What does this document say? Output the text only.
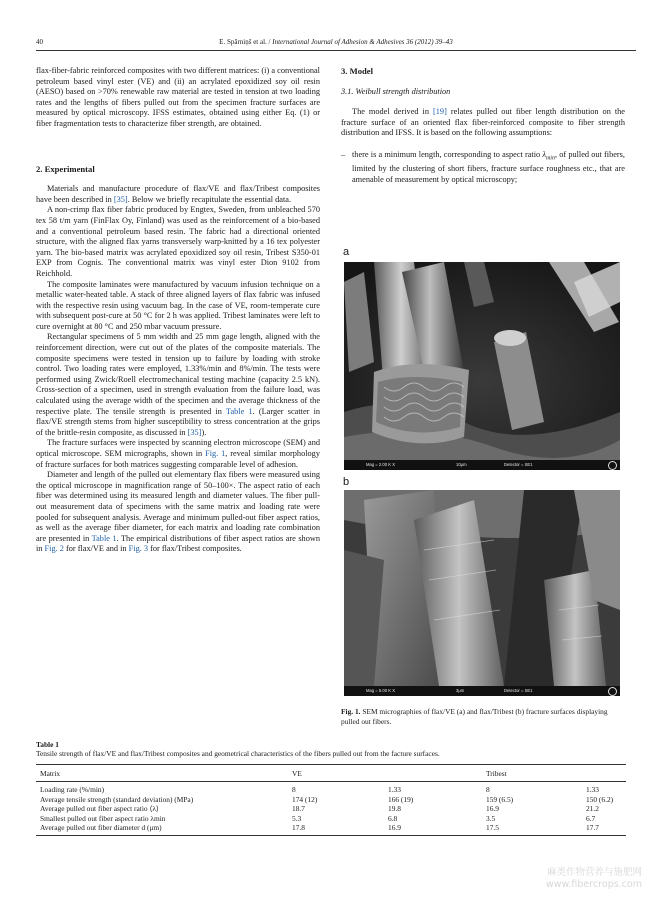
40	E. Spārniņš et al. / International Journal of Adhesion & Adhesives 36 (2012) 39–43

flax-fiber-fabric reinforced composites with two different matrices: (i) a conventional petroleum based vinyl ester (VE) and (ii) an acrylated epoxidized soy oil resin (AESO) based on >70% renewable raw material are tested in tension at two loading rates and the lengths of fibers pulled out from the specimen fracture surfaces are measured by optical microscopy. IFSS estimates, obtained using either Eq. (1) or fiber fragmentation tests to characterize fiber strength, are obtained.

2. Experimental

Materials and manufacture procedure of flax/VE and flax/Tribest composites have been described in [35]. Below we briefly recapitulate the essential data.

A non-crimp flax fiber fabric produced by Engtex, Sweden, from unbleached 570 tex 58 t/m yarn (FinFlax Oy, Finland) was used as the reinforcement of a bio-based and a conventional petroleum based resin. The fabric had a directional oriented structure, with the aligned flax yarns transversely warp-knitted by a 16 tex polyester yarn. The bio-based matrix was acrylated epoxidized soy oil resin, Tribest S350-01 EXP from Cognis. The conventional matrix was vinyl ester Dion 9102 from Reichhold.

The composite laminates were manufactured by vacuum infusion technique on a metallic water-heated table. A stack of three aligned layers of flax fabric was infused with the respective resin using vacuum bag. In the case of VE, room-temperate cure with subsequent post-cure at 50 °C for 2 h was applied. Tribest laminates were left to cure overnight at 80 °C and 250 mbar vacuum pressure.

Rectangular specimens of 5 mm width and 25 mm gage length, aligned with the reinforcement direction, were cut out of the plates of the composite materials. The composite specimens were tested in tension up to failure by loading with stroke control. Two loading rates were employed, 1.33%/min and 8%/min. The tests were performed using Zwick/Roell electromechanical testing machine (capacity 2.5 kN). Cross-section of a specimen, used in strength evaluation from the failure load, was calculated using the average width of the specimen and the average thickness of the respective plate. The tensile strength is presented in Table 1. (Larger scatter in flax/VE strength stems from higher susceptibility to stress concentration at the grips of the brittle-resin composite, as discussed in [35]).

The fracture surfaces were inspected by scanning electron microscope (SEM) and optical microscope. SEM micrographs, shown in Fig. 1, reveal similar morphology of fracture surfaces for both matrices suggesting comparable level of adhesion.

Diameter and length of the pulled out elementary flax fibers were measured using the optical microscope in magnification range of 50–100×. The aspect ratio of each fiber was determined using its measured length and diameter values. The fiber pull-out measurement data of specimens with the same matrix and loading rate were pooled for subsequent analysis. Average and minimum pulled-out fiber aspect ratios, as well as the average fiber diameter, for each matrix and loading rate combination are presented in Table 1. The empirical distributions of fiber aspect ratios are shown in Fig. 2 for flax/VE and in Fig. 3 for flax/Tribest composites.

3. Model
3.1. Weibull strength distribution

The model derived in [19] relates pulled out fiber length distribution on the fracture surface of an oriented flax fiber-reinforced composite to fiber strength distribution and IFSS. It is based on the following assumptions:

– there is a minimum length, corresponding to aspect ratio $\lambda_{min}$, of pulled out fibers, limited by the clustering of short fibers, fracture surface roughness etc., that are amenable of measurement by optical microscopy;
a
Mag = 2.00 K X	10μm	Detector = SE1
b
Mag = 5.00 K X	3μm	Detector = SE1
Fig. 1. SEM micrographies of flax/VE (a) and flax/Tribest (b) fracture surfaces displaying pulled out fibers.
Table 1
Tensile strength of flax/VE and flax/Tribest composites and geometrical characteristics of the fibers pulled out from the facture surfaces.
Matrix	VE	Tribest
Loading rate (%/min)	8	1.33	8	1.33
Average tensile strength (standard deviation) (MPa)	174 (12)	166 (19)	159 (6.5)	150 (6.2)
Average pulled out fiber aspect ratio ⟨λ⟩	18.7	19.8	16.9	21.2
Smallest pulled out fiber aspect ratio λmin	5.3	6.8	3.5	6.7
Average pulled out fiber diameter d (μm)	17.8	16.9	17.5	17.7
麻类作物营养与施肥网
www.fibercrops.com
